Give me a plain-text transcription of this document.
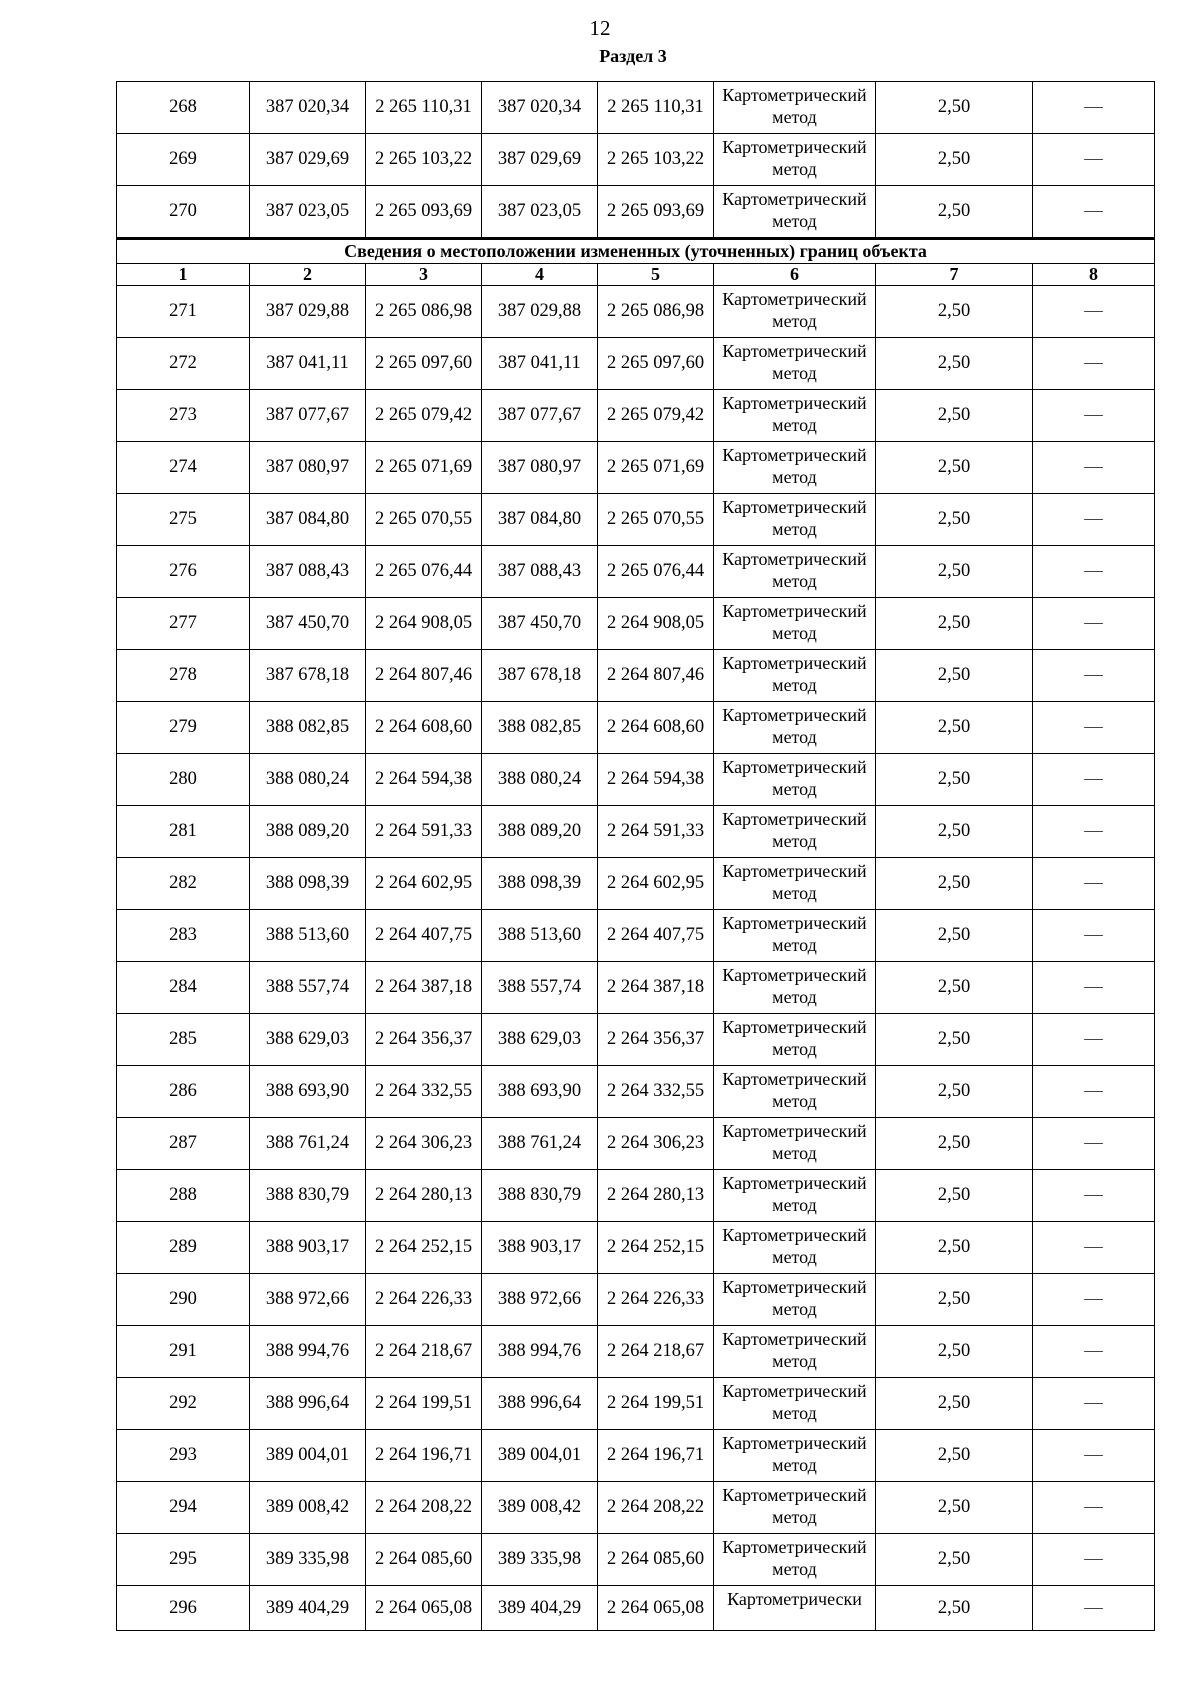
12
Раздел 3
268	387 020,34	2 265 110,31	387 020,34	2 265 110,31	Картометрический метод	2,50	—
269	387 029,69	2 265 103,22	387 029,69	2 265 103,22	Картометрический метод	2,50	—
270	387 023,05	2 265 093,69	387 023,05	2 265 093,69	Картометрический метод	2,50	—
Сведения о местоположении измененных (уточненных) границ объекта							
1	2	3	4	5	6	7	8
271	387 029,88	2 265 086,98	387 029,88	2 265 086,98	Картометрический метод	2,50	—
272	387 041,11	2 265 097,60	387 041,11	2 265 097,60	Картометрический метод	2,50	—
273	387 077,67	2 265 079,42	387 077,67	2 265 079,42	Картометрический метод	2,50	—
274	387 080,97	2 265 071,69	387 080,97	2 265 071,69	Картометрический метод	2,50	—
275	387 084,80	2 265 070,55	387 084,80	2 265 070,55	Картометрический метод	2,50	—
276	387 088,43	2 265 076,44	387 088,43	2 265 076,44	Картометрический метод	2,50	—
277	387 450,70	2 264 908,05	387 450,70	2 264 908,05	Картометрический метод	2,50	—
278	387 678,18	2 264 807,46	387 678,18	2 264 807,46	Картометрический метод	2,50	—
279	388 082,85	2 264 608,60	388 082,85	2 264 608,60	Картометрический метод	2,50	—
280	388 080,24	2 264 594,38	388 080,24	2 264 594,38	Картометрический метод	2,50	—
281	388 089,20	2 264 591,33	388 089,20	2 264 591,33	Картометрический метод	2,50	—
282	388 098,39	2 264 602,95	388 098,39	2 264 602,95	Картометрический метод	2,50	—
283	388 513,60	2 264 407,75	388 513,60	2 264 407,75	Картометрический метод	2,50	—
284	388 557,74	2 264 387,18	388 557,74	2 264 387,18	Картометрический метод	2,50	—
285	388 629,03	2 264 356,37	388 629,03	2 264 356,37	Картометрический метод	2,50	—
286	388 693,90	2 264 332,55	388 693,90	2 264 332,55	Картометрический метод	2,50	—
287	388 761,24	2 264 306,23	388 761,24	2 264 306,23	Картометрический метод	2,50	—
288	388 830,79	2 264 280,13	388 830,79	2 264 280,13	Картометрический метод	2,50	—
289	388 903,17	2 264 252,15	388 903,17	2 264 252,15	Картометрический метод	2,50	—
290	388 972,66	2 264 226,33	388 972,66	2 264 226,33	Картометрический метод	2,50	—
291	388 994,76	2 264 218,67	388 994,76	2 264 218,67	Картометрический метод	2,50	—
292	388 996,64	2 264 199,51	388 996,64	2 264 199,51	Картометрический метод	2,50	—
293	389 004,01	2 264 196,71	389 004,01	2 264 196,71	Картометрический метод	2,50	—
294	389 008,42	2 264 208,22	389 008,42	2 264 208,22	Картометрический метод	2,50	—
295	389 335,98	2 264 085,60	389 335,98	2 264 085,60	Картометрический метод	2,50	—
296	389 404,29	2 264 065,08	389 404,29	2 264 065,08	Картометрически	2,50	—
